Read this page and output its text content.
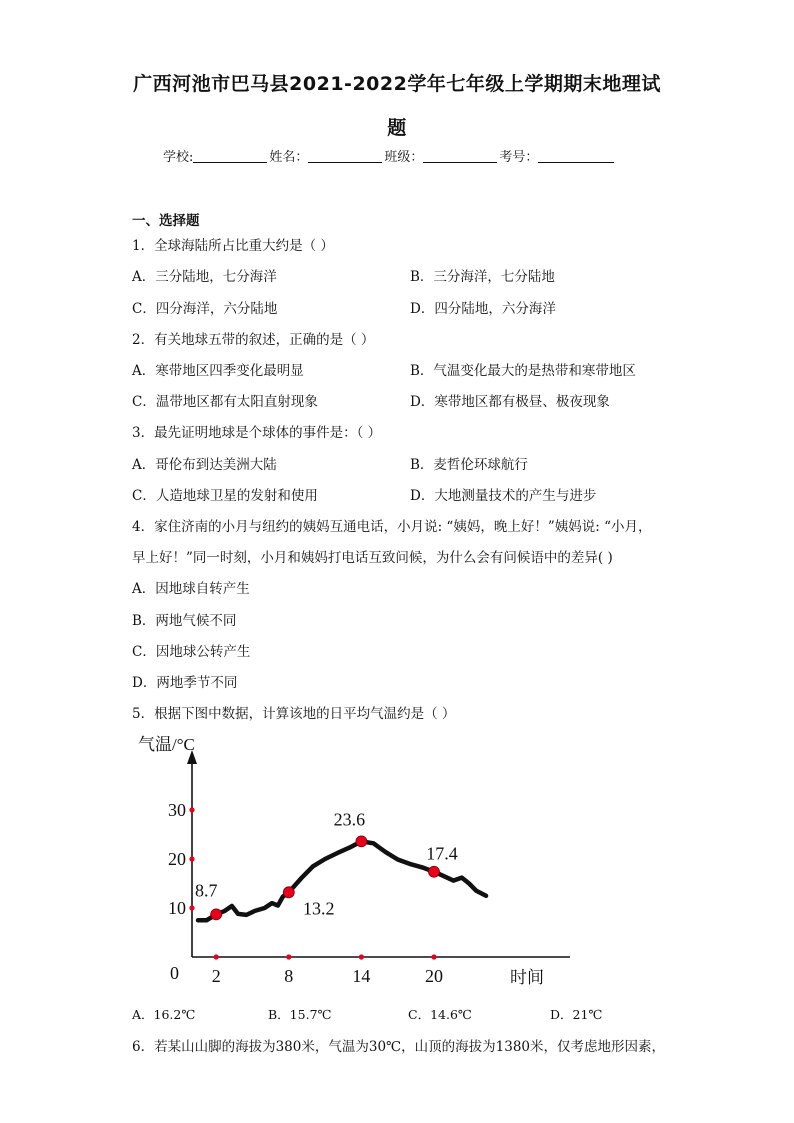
广西河池市巴马县2021-2022学年七年级上学期期末地理试
题
学校:	姓名：	班级：	考号：
一、选择题
1．全球海陆所占比重大约是（ ）
A．三分陆地，七分海洋	B．三分海洋，七分陆地
C．四分海洋，六分陆地	D．四分陆地，六分海洋
2．有关地球五带的叙述，正确的是（ ）
A．寒带地区四季变化最明显	B．气温变化最大的是热带和寒带地区
C．温带地区都有太阳直射现象	D．寒带地区都有极昼、极夜现象
3．最先证明地球是个球体的事件是：（ ）
A．哥伦布到达美洲大陆	B．麦哲伦环球航行
C．人造地球卫星的发射和使用	D．大地测量技术的产生与进步
4．家住济南的小月与纽约的姨妈互通电话，小月说: “姨妈，晚上好！”姨妈说: “小月，
早上好！”同一时刻，小月和姨妈打电话互致问候，为什么会有问候语中的差异( )
A．因地球自转产生
B．两地气候不同
C．因地球公转产生
D．两地季节不同
5．根据下图中数据，计算该地的日平均气温约是（ ）
气温/°C
时间
0 2	8	14	20
10
20
30
8.7
13.2
23.6
17.4
A．16.2℃	B．15.7℃	C．14.6℃	D．21℃
6．若某山山脚的海拔为380米，气温为30℃，山顶的海拔为1380米，仅考虑地形因素，
